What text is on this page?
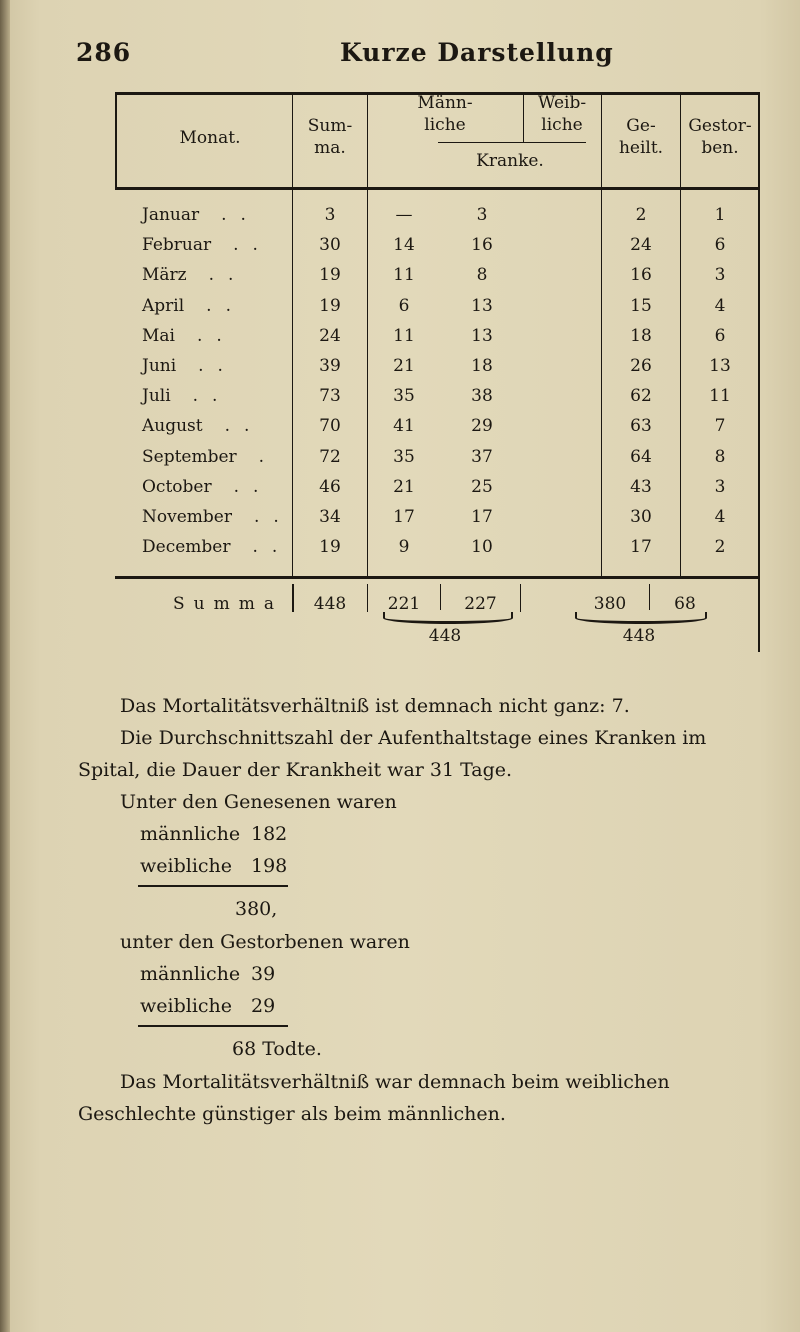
286	Kurze Darstellung
Monat.
Sum-
ma.
Männ-
liche
Weib-
liche
Kranke.
Ge-
heilt.
Gestor-
ben.
Januar ..	3	—	3	2	1
Februar ..	30	14	16	24	6
März ..	19	11	8	16	3
April ..	19	6	13	15	4
Mai ..	24	11	13	18	6
Juni ..	39	21	18	26	13
Juli ..	73	35	38	62	11
August ..	70	41	29	63	7
September .	72	35	37	64	8
October ..	46	21	25	43	3
November ..	34	17	17	30	4
December ..	19	9	10	17	2
Summa	448	221	227	380	68
448	448
Das Mortalitätsverhältniß ist demnach nicht ganz: 7.
Die Durchschnittszahl der Aufenthaltstage eines Kranken im
Spital, die Dauer der Krankheit war 31 Tage.
Unter den Genesenen waren
männliche 182
weibliche 198
380,
unter den Gestorbenen waren
männliche 39
weibliche 29
68 Todte.
Das Mortalitätsverhältniß war demnach beim weiblichen
Geschlechte günstiger als beim männlichen.
